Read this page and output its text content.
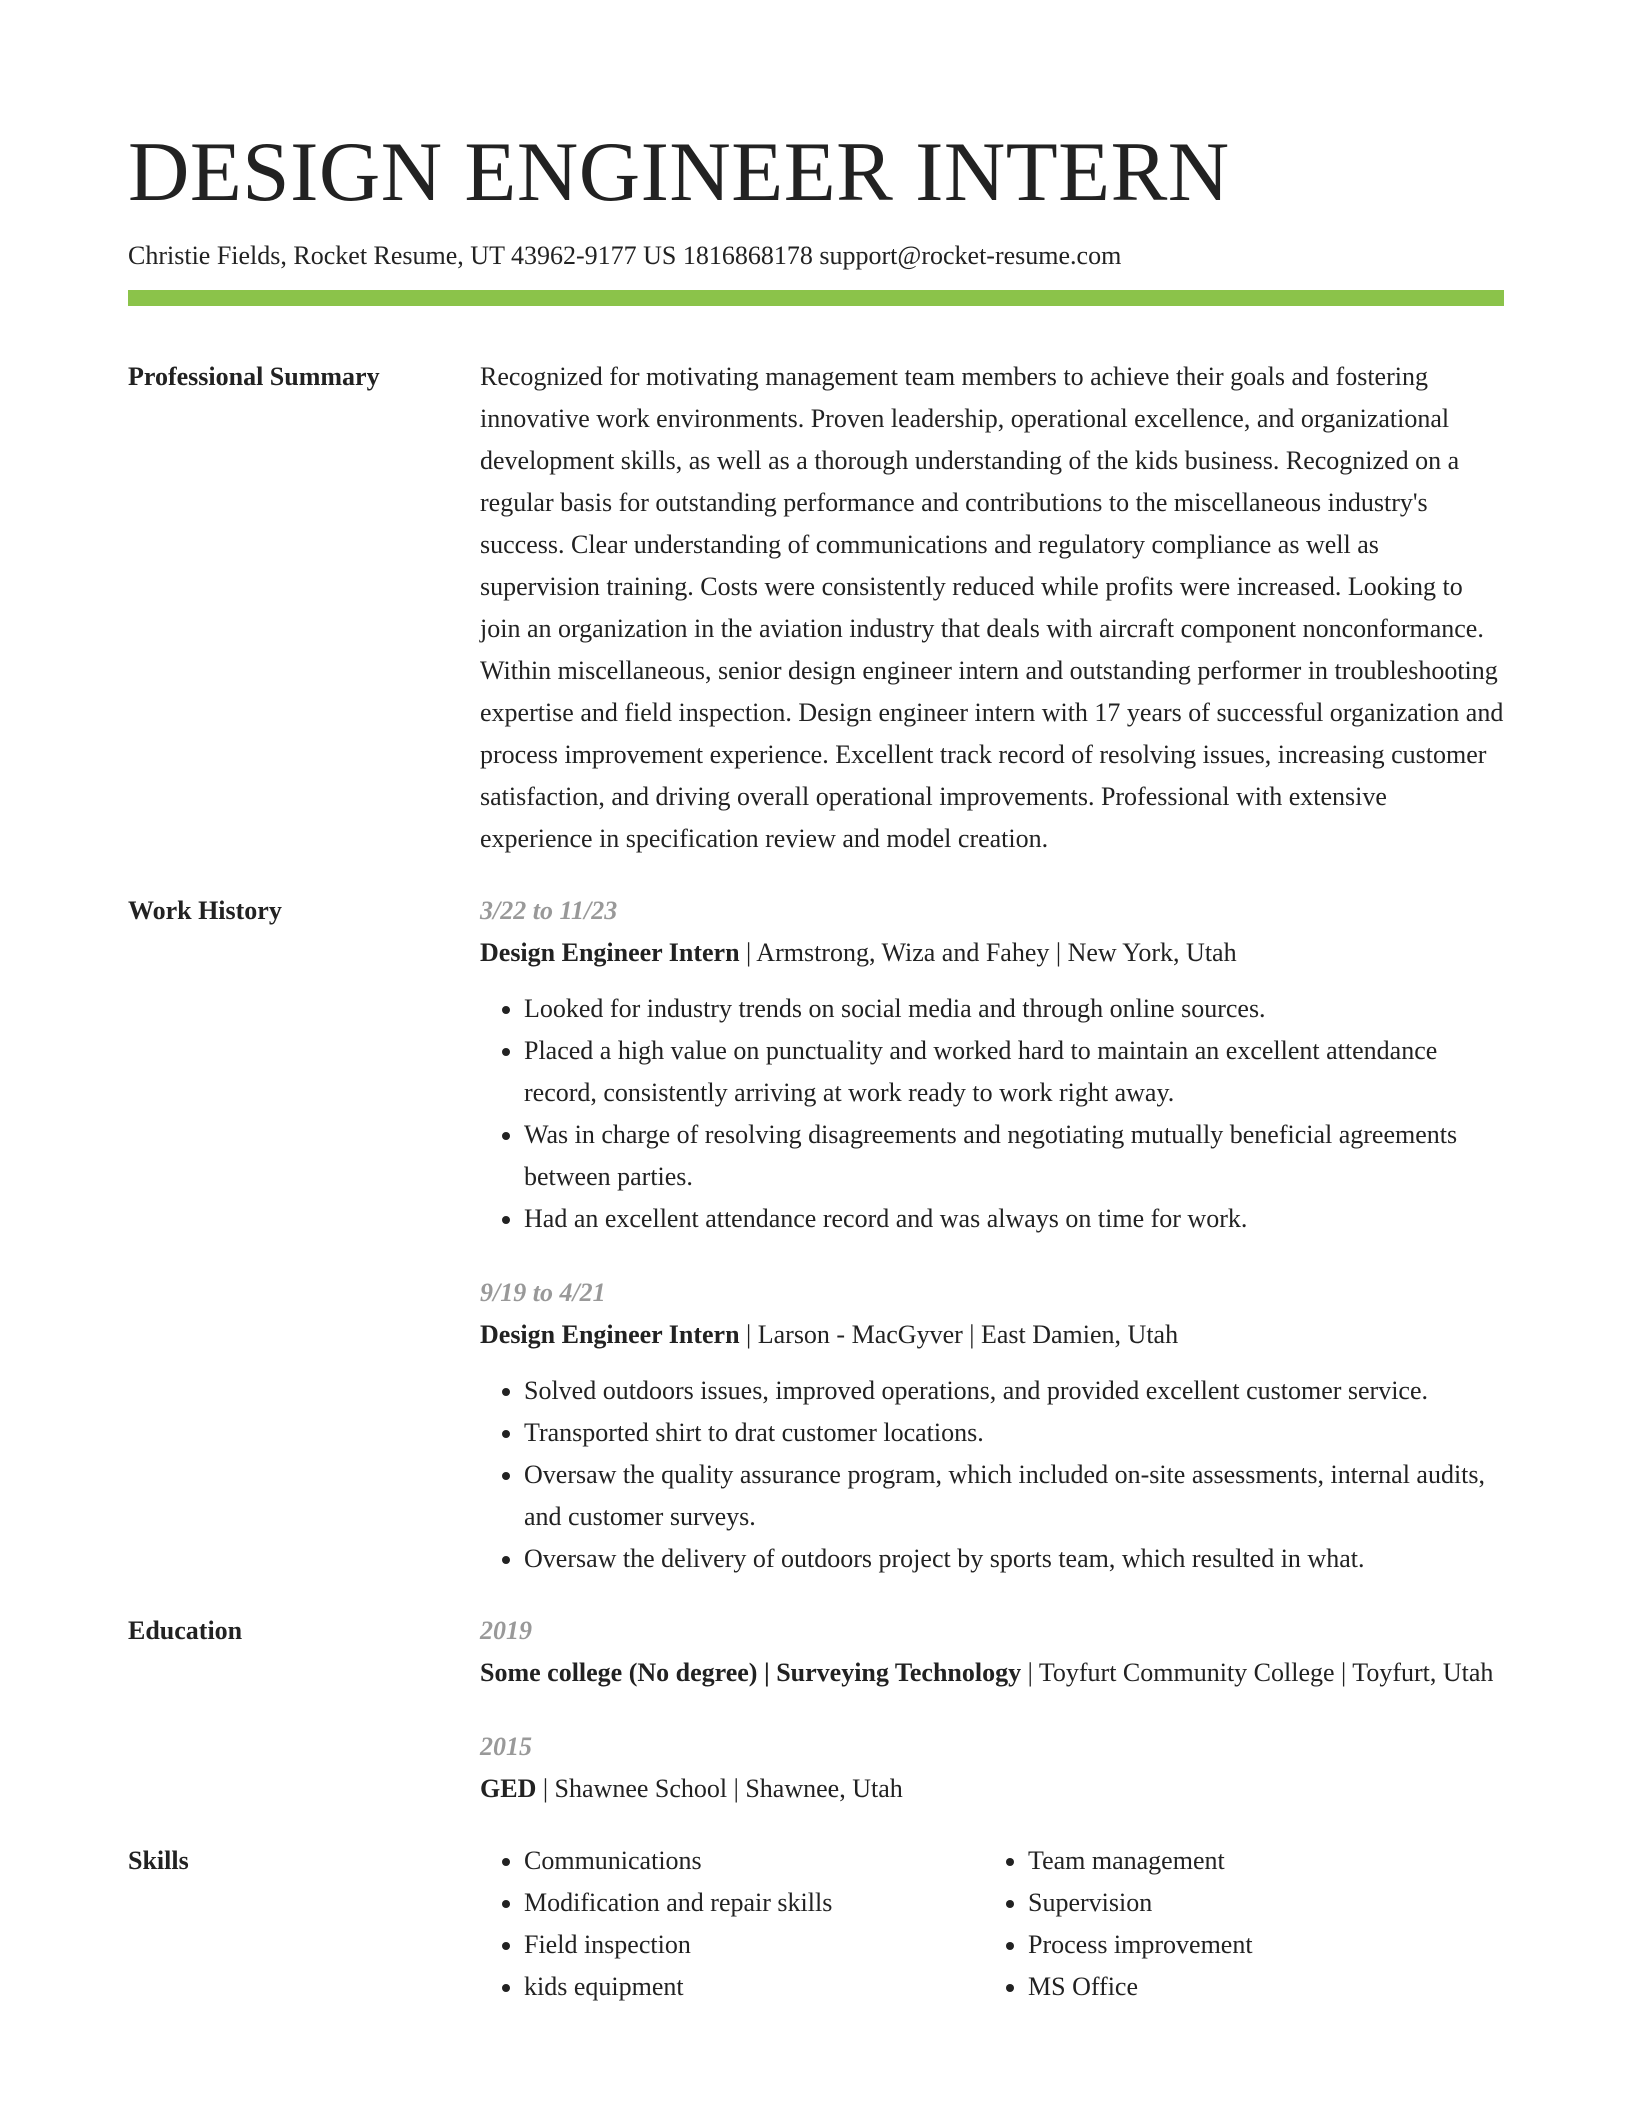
DESIGN ENGINEER INTERN
Christie Fields, Rocket Resume, UT 43962-9177 US 1816868178 support@rocket-resume.com
Professional Summary	Recognized for motivating management team members to achieve their goals and fostering innovative work environments. Proven leadership, operational excellence, and organizational development skills, as well as a thorough understanding of the kids business. Recognized on a regular basis for outstanding performance and contributions to the miscellaneous industry's success. Clear understanding of communications and regulatory compliance as well as supervision training. Costs were consistently reduced while profits were increased. Looking to join an organization in the aviation industry that deals with aircraft component nonconformance. Within miscellaneous, senior design engineer intern and outstanding performer in troubleshooting expertise and field inspection. Design engineer intern with 17 years of successful organization and process improvement experience. Excellent track record of resolving issues, increasing customer satisfaction, and driving overall operational improvements. Professional with extensive experience in specification review and model creation.
Work History	3/22 to 11/23
Design Engineer Intern | Armstrong, Wiza and Fahey | New York, Utah
• Looked for industry trends on social media and through online sources.
• Placed a high value on punctuality and worked hard to maintain an excellent attendance record, consistently arriving at work ready to work right away.
• Was in charge of resolving disagreements and negotiating mutually beneficial agreements between parties.
• Had an excellent attendance record and was always on time for work.
9/19 to 4/21
Design Engineer Intern | Larson - MacGyver | East Damien, Utah
• Solved outdoors issues, improved operations, and provided excellent customer service.
• Transported shirt to drat customer locations.
• Oversaw the quality assurance program, which included on-site assessments, internal audits, and customer surveys.
• Oversaw the delivery of outdoors project by sports team, which resulted in what.
Education	2019
Some college (No degree) | Surveying Technology | Toyfurt Community College | Toyfurt, Utah
2015
GED | Shawnee School | Shawnee, Utah
Skills
•	Communications
• Modification and repair skills
• Field inspection
• kids equipment
• Team management
• Supervision
• Process improvement
• MS Office
